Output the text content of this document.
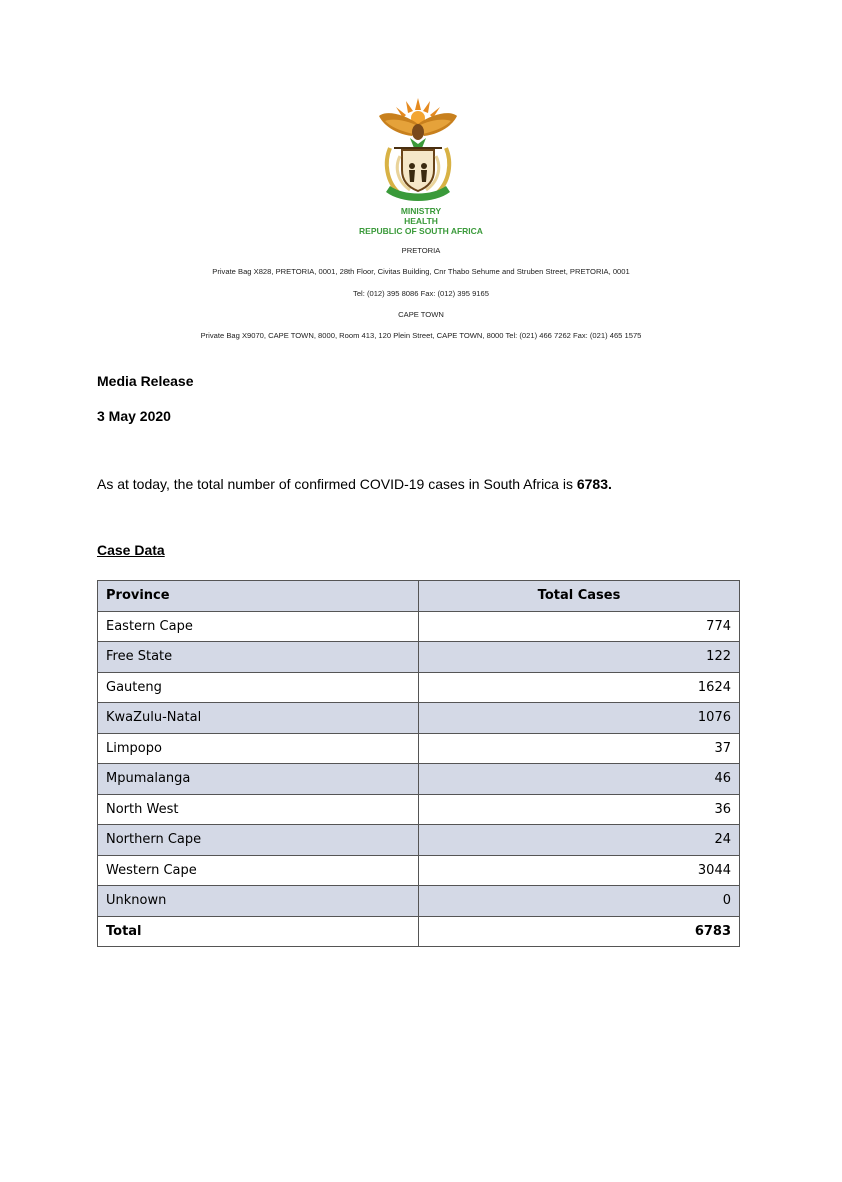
MINISTRY
HEALTH
REPUBLIC OF SOUTH AFRICA
PRETORIA
Private Bag X828, PRETORIA, 0001, 28th Floor, Civitas Building, Cnr Thabo Sehume and Struben Street, PRETORIA, 0001
Tel: (012) 395 8086 Fax: (012) 395 9165
CAPE TOWN
Private Bag X9070, CAPE TOWN, 8000, Room 413, 120 Plein Street, CAPE TOWN, 8000 Tel: (021) 466 7262 Fax: (021) 465 1575
Media Release
3 May 2020
As at today, the total number of confirmed COVID-19 cases in South Africa is 6783.
Case Data
Province	Total Cases
Eastern Cape	774
Free State	122
Gauteng	1624
KwaZulu-Natal	1076
Limpopo	37
Mpumalanga	46
North West	36
Northern Cape	24
Western Cape	3044
Unknown	0
Total	6783
